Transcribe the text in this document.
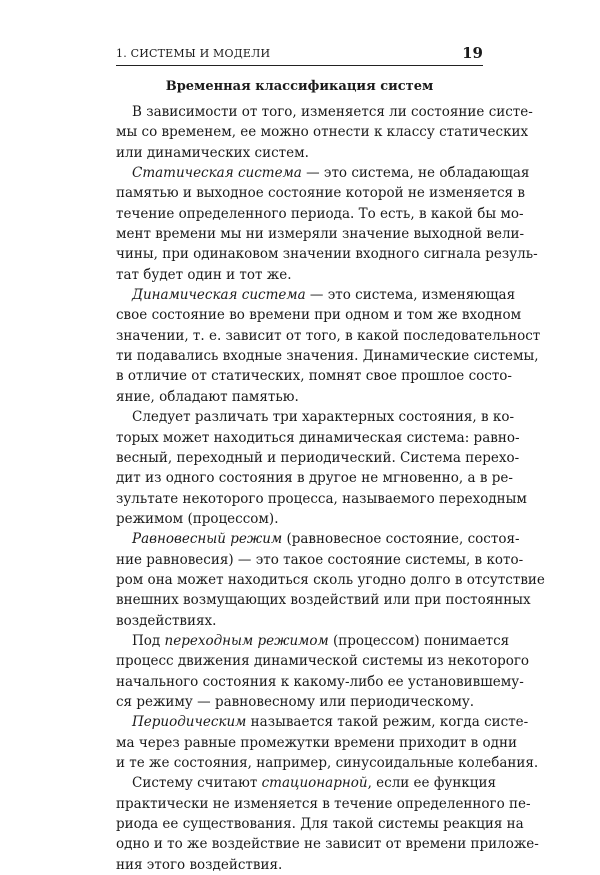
1. СИСТЕМЫ И МОДЕЛИ	19
Временная классификация систем
В зависимости от того, изменяется ли состояние систе-
мы со временем, ее можно отнести к классу статических
или динамических систем.
Статическая система — это система, не обладающая
памятью и выходное состояние которой не изменяется в
течение определенного периода. То есть, в какой бы мо-
мент времени мы ни измеряли значение выходной вели-
чины, при одинаковом значении входного сигнала резуль-
тат будет один и тот же.
Динамическая система — это система, изменяющая
свое состояние во времени при одном и том же входном
значении, т. е. зависит от того, в какой последовательност
ти подавались входные значения. Динамические системы,
в отличие от статических, помнят свое прошлое состо-
яние, обладают памятью.
Следует различать три характерных состояния, в ко-
торых может находиться динамическая система: равно-
весный, переходный и периодический. Система перехо-
дит из одного состояния в другое не мгновенно, а в ре-
зультате некоторого процесса, называемого переходным
режимом (процессом).
Равновесный режим (равновесное состояние, состоя-
ние равновесия) — это такое состояние системы, в кото-
ром она может находиться сколь угодно долго в отсутствие
внешних возмущающих воздействий или при постоянных
воздействиях.
Под переходным режимом (процессом) понимается
процесс движения динамической системы из некоторого
начального состояния к какому-либо ее установившему-
ся режиму — равновесному или периодическому.
Периодическим называется такой режим, когда систе-
ма через равные промежутки времени приходит в одни
и те же состояния, например, синусоидальные колебания.
Систему считают стационарной, если ее функция
практически не изменяется в течение определенного пе-
риода ее существования. Для такой системы реакция на
одно и то же воздействие не зависит от времени приложе-
ния этого воздействия.
